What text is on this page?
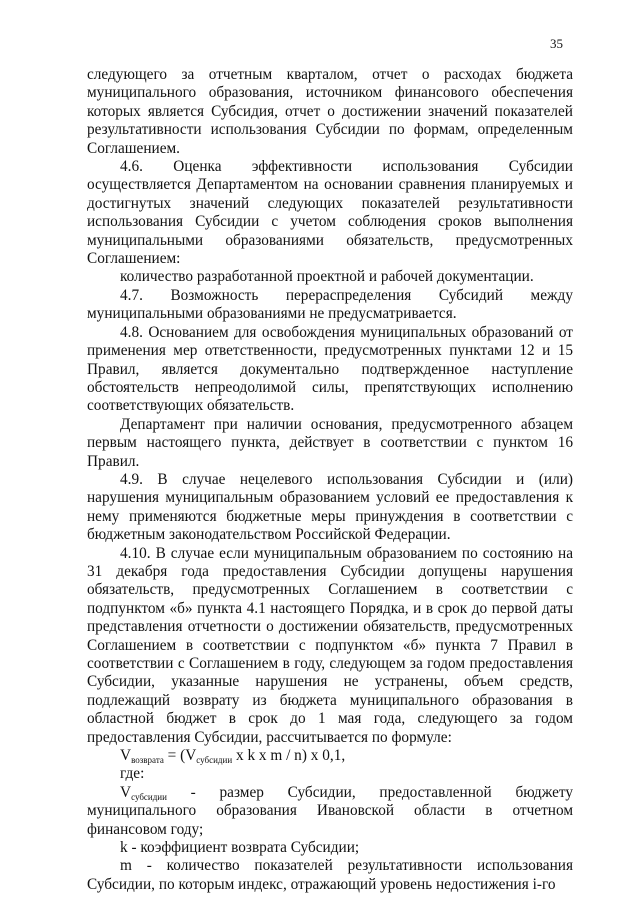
35

следующего за отчетным кварталом, отчет о расходах бюджета муниципального образования, источником финансового обеспечения которых является Субсидия, отчет о достижении значений показателей результативности использования Субсидии по формам, определенным Соглашением.

4.6. Оценка эффективности использования Субсидии осуществляется Департаментом на основании сравнения планируемых и достигнутых значений следующих показателей результативности использования Субсидии с учетом соблюдения сроков выполнения муниципальными образованиями обязательств, предусмотренных Соглашением:

количество разработанной проектной и рабочей документации.

4.7. Возможность перераспределения Субсидий между муниципальными образованиями не предусматривается.

4.8. Основанием для освобождения муниципальных образований от применения мер ответственности, предусмотренных пунктами 12 и 15 Правил, является документально подтвержденное наступление обстоятельств непреодолимой силы, препятствующих исполнению соответствующих обязательств.

Департамент при наличии основания, предусмотренного абзацем первым настоящего пункта, действует в соответствии с пунктом 16 Правил.

4.9. В случае нецелевого использования Субсидии и (или) нарушения муниципальным образованием условий ее предоставления к нему применяются бюджетные меры принуждения в соответствии с бюджетным законодательством Российской Федерации.

4.10. В случае если муниципальным образованием по состоянию на 31 декабря года предоставления Субсидии допущены нарушения обязательств, предусмотренных Соглашением в соответствии с подпунктом «б» пункта 4.1 настоящего Порядка, и в срок до первой даты представления отчетности о достижении обязательств, предусмотренных Соглашением в соответствии с подпунктом «б» пункта 7 Правил в соответствии с Соглашением в году, следующем за годом предоставления Субсидии, указанные нарушения не устранены, объем средств, подлежащий возврату из бюджета муниципального образования в областной бюджет в срок до 1 мая года, следующего за годом предоставления Субсидии, рассчитывается по формуле:

$V_{возврата} = (V_{субсидии}$ x k x m / n) x 0,1,

где:

$V_{субсидии}$ - размер Субсидии, предоставленной бюджету муниципального образования Ивановской области в отчетном финансовом году;

k - коэффициент возврата Субсидии;

m - количество показателей результативности использования Субсидии, по которым индекс, отражающий уровень недостижения i-го
